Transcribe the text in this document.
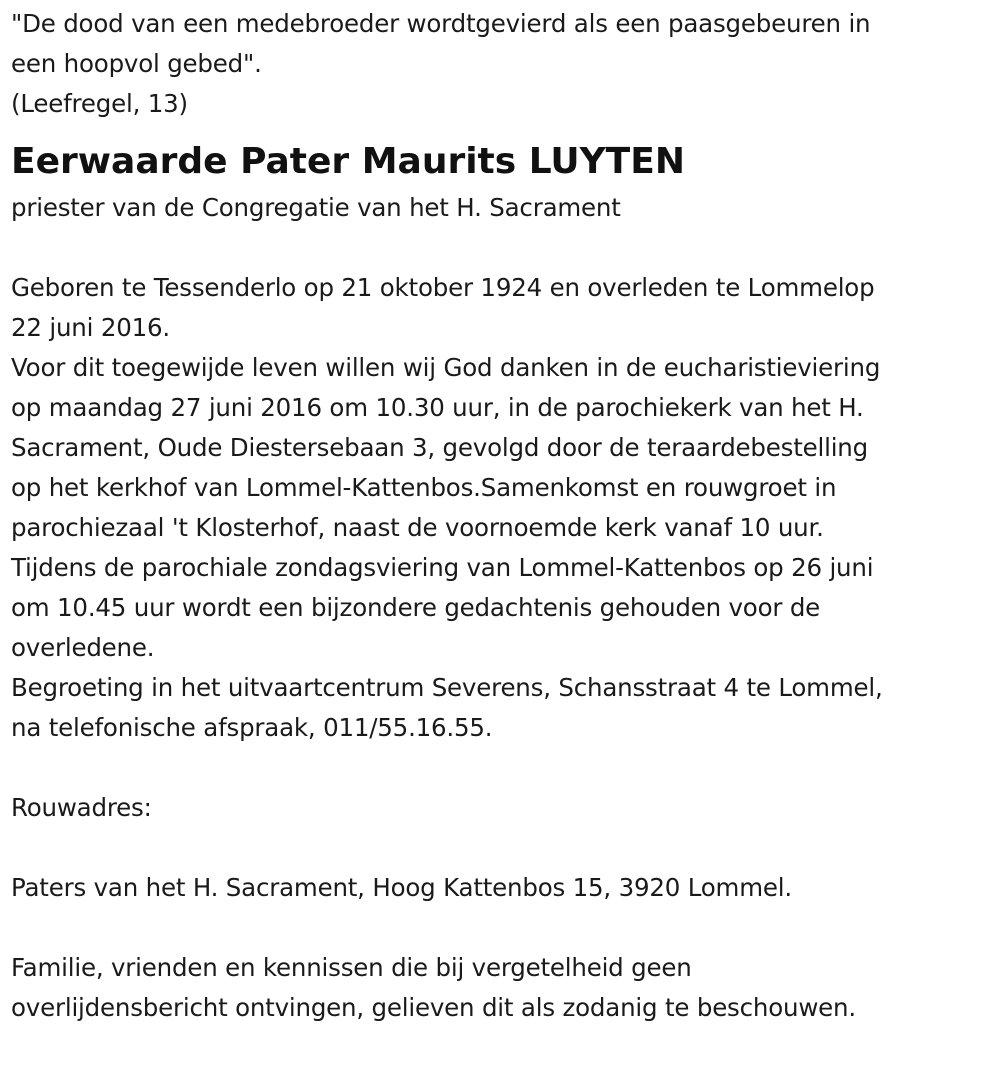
"De dood van een medebroeder wordtgevierd als een paasgebeuren in
een hoopvol gebed".
(Leefregel, 13)
Eerwaarde Pater Maurits LUYTEN
priester van de Congregatie van het H. Sacrament
Geboren te Tessenderlo op 21 oktober 1924 en overleden te Lommelop
22 juni 2016.
Voor dit toegewijde leven willen wij God danken in de eucharistieviering
op maandag 27 juni 2016 om 10.30 uur, in de parochiekerk van het H.
Sacrament, Oude Diestersebaan 3, gevolgd door de teraardebestelling
op het kerkhof van Lommel-Kattenbos.Samenkomst en rouwgroet in
parochiezaal 't Klosterhof, naast de voornoemde kerk vanaf 10 uur.
Tijdens de parochiale zondagsviering van Lommel-Kattenbos op 26 juni
om 10.45 uur wordt een bijzondere gedachtenis gehouden voor de
overledene.
Begroeting in het uitvaartcentrum Severens, Schansstraat 4 te Lommel,
na telefonische afspraak, 011/55.16.55.
Rouwadres:
Paters van het H. Sacrament, Hoog Kattenbos 15, 3920 Lommel.
Familie, vrienden en kennissen die bij vergetelheid geen
overlijdensbericht ontvingen, gelieven dit als zodanig te beschouwen.
